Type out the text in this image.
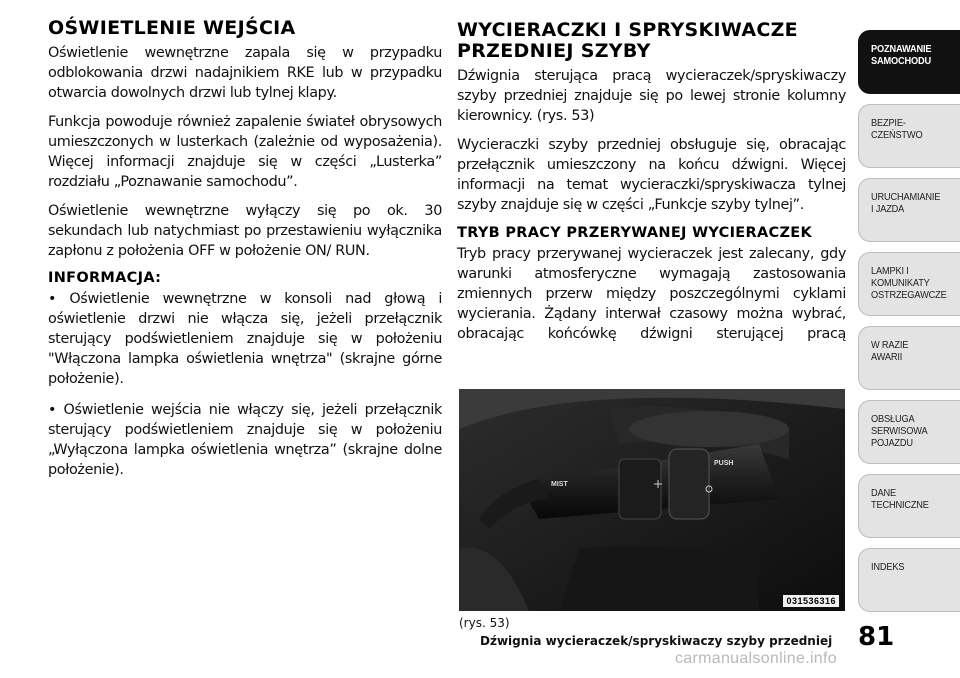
OŚWIETLENIE WEJŚCIA

Oświetlenie wewnętrzne zapala się w przypadku odblokowania drzwi nadajnikiem RKE lub w przypadku otwarcia dowolnych drzwi lub tylnej klapy.

Funkcja powoduje również zapalenie świateł obrysowych umieszczonych w lusterkach (zależnie od wyposażenia). Więcej informacji znajduje się w części „Lusterka” rozdziału „Poznawanie samochodu”.

Oświetlenie wewnętrzne wyłączy się po ok. 30 sekundach lub natychmiast po przestawieniu wyłącznika zapłonu z położenia OFF w położenie ON/ RUN.

INFORMACJA:

• Oświetlenie wewnętrzne w konsoli nad głową i oświetlenie drzwi nie włącza się, jeżeli przełącznik sterujący podświetleniem znajduje się w położeniu "Włączona lampka oświetlenia wnętrza" (skrajne górne położenie).

• Oświetlenie wejścia nie włączy się, jeżeli przełącznik sterujący podświetleniem znajduje się w położeniu „Wyłączona lampka oświetlenia wnętrza” (skrajne dolne położenie).

WYCIERACZKI I SPRYSKIWACZE PRZEDNIEJ SZYBY

Dźwignia sterująca pracą wycieraczek/spryskiwaczy szyby przedniej znajduje się po lewej stronie kolumny kierownicy. (rys. 53)

Wycieraczki szyby przedniej obsługuje się, obracając przełącznik umieszczony na końcu dźwigni. Więcej informacji na temat wycieraczki/spryskiwacza tylnej szyby znajduje się w części „Funkcje szyby tylnej”.

TRYB PRACY PRZERYWANEJ WYCIERACZEK

Tryb pracy przerywanej wycieraczek jest zalecany, gdy warunki atmosferyczne wymagają zastosowania zmiennych przerw między poszczególnymi cyklami wycierania. Żądany interwał czasowy można wybrać, obracając końcówkę dźwigni sterującej pracą

MIST
PUSH
031536316
(rys. 53)
Dźwignia wycieraczek/spryskiwaczy szyby przedniej 81
carmanualsonline.info
POZNAWANIE
SAMOCHODU
BEZPIE-
CZEŃSTWO
URUCHAMIANIE
I JAZDA
LAMPKI I
KOMUNIKATY
OSTRZEGAWCZE
W RAZIE
AWARII
OBSŁUGA
SERWISOWA
POJAZDU
DANE
TECHNICZNE
INDEKS
